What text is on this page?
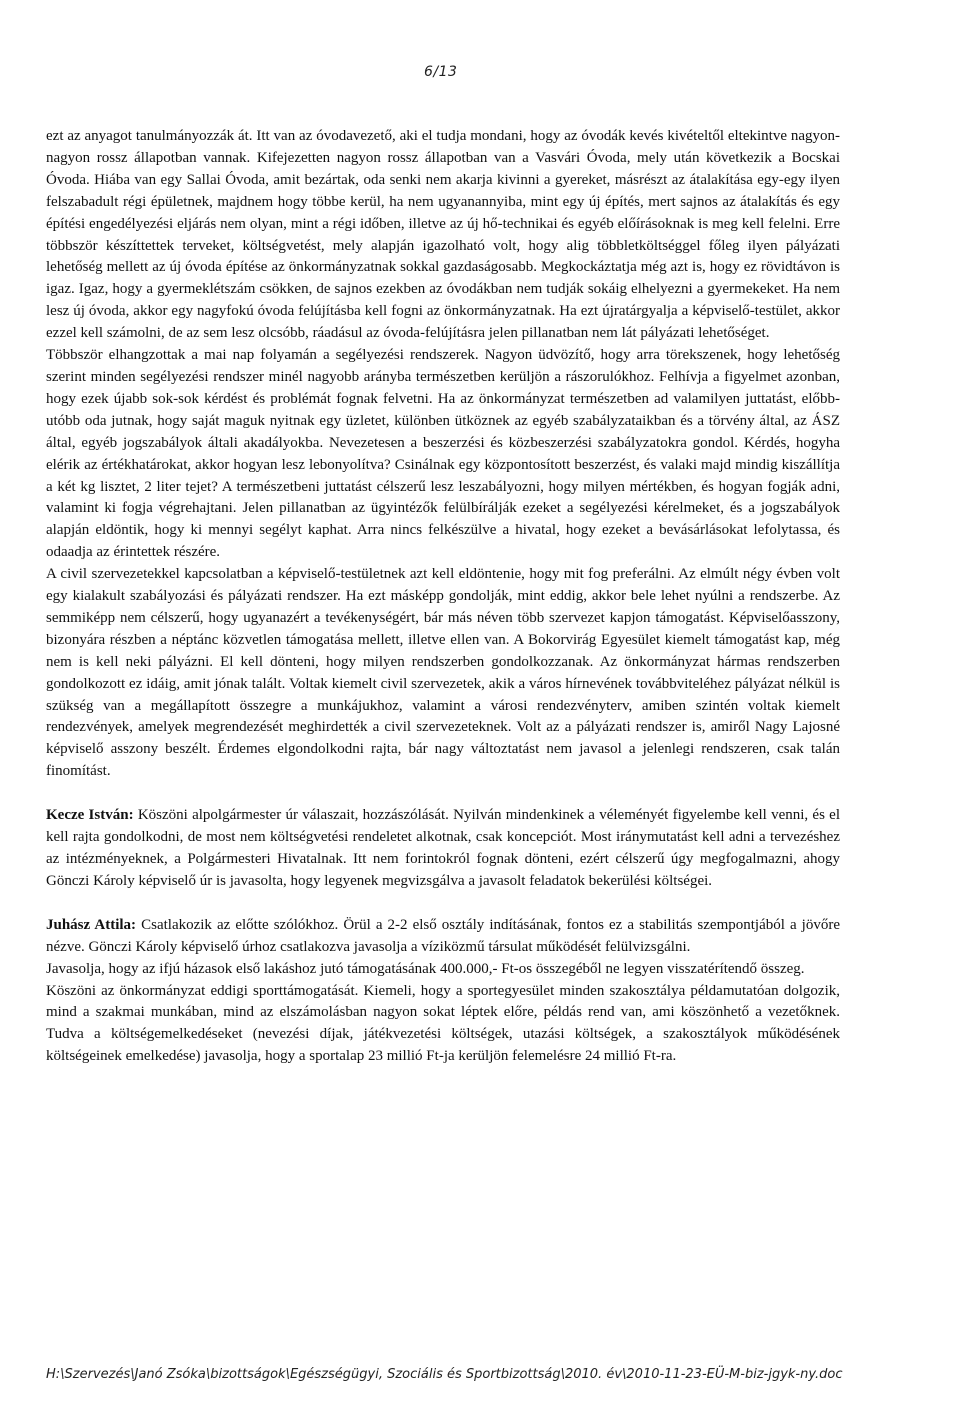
6/13

ezt az anyagot tanulmányozzák át. Itt van az óvodavezető, aki el tudja mondani, hogy az óvodák kevés kivételtől eltekintve nagyon-nagyon rossz állapotban vannak. Kifejezetten nagyon rossz állapotban van a Vasvári Óvoda, mely után következik a Bocskai Óvoda. Hiába van egy Sallai Óvoda, amit bezártak, oda senki nem akarja kivinni a gyereket, másrészt az átalakítása egy-egy ilyen felszabadult régi épületnek, majdnem hogy többe kerül, ha nem ugyanannyiba, mint egy új építés, mert sajnos az átalakítás és egy építési engedélyezési eljárás nem olyan, mint a régi időben, illetve az új hő-technikai és egyéb előírásoknak is meg kell felelni. Erre többször készíttettek terveket, költségvetést, mely alapján igazolható volt, hogy alig többletköltséggel főleg ilyen pályázati lehetőség mellett az új óvoda építése az önkormányzatnak sokkal gazdaságosabb. Megkockáztatja még azt is, hogy ez rövidtávon is igaz. Igaz, hogy a gyermeklétszám csökken, de sajnos ezekben az óvodákban nem tudják sokáig elhelyezni a gyermekeket. Ha nem lesz új óvoda, akkor egy nagyfokú óvoda felújításba kell fogni az önkormányzatnak. Ha ezt újratárgyalja a képviselő-testület, akkor ezzel kell számolni, de az sem lesz olcsóbb, ráadásul az óvoda-felújításra jelen pillanatban nem lát pályázati lehetőséget.

Többször elhangzottak a mai nap folyamán a segélyezési rendszerek. Nagyon üdvözítő, hogy arra törekszenek, hogy lehetőség szerint minden segélyezési rendszer minél nagyobb arányba természetben kerüljön a rászorulókhoz. Felhívja a figyelmet azonban, hogy ezek újabb sok-sok kérdést és problémát fognak felvetni. Ha az önkormányzat természetben ad valamilyen juttatást, előbb-utóbb oda jutnak, hogy saját maguk nyitnak egy üzletet, különben ütköznek az egyéb szabályzataikban és a törvény által, az ÁSZ által, egyéb jogszabályok általi akadályokba. Nevezetesen a beszerzési és közbeszerzési szabályzatokra gondol. Kérdés, hogyha elérik az értékhatárokat, akkor hogyan lesz lebonyolítva? Csinálnak egy központosított beszerzést, és valaki majd mindig kiszállítja a két kg lisztet, 2 liter tejet? A természetbeni juttatást célszerű lesz leszabályozni, hogy milyen mértékben, és hogyan fogják adni, valamint ki fogja végrehajtani. Jelen pillanatban az ügyintézők felülbírálják ezeket a segélyezési kérelmeket, és a jogszabályok alapján eldöntik, hogy ki mennyi segélyt kaphat. Arra nincs felkészülve a hivatal, hogy ezeket a bevásárlásokat lefolytassa, és odaadja az érintettek részére.

A civil szervezetekkel kapcsolatban a képviselő-testületnek azt kell eldöntenie, hogy mit fog preferálni. Az elmúlt négy évben volt egy kialakult szabályozási és pályázati rendszer. Ha ezt másképp gondolják, mint eddig, akkor bele lehet nyúlni a rendszerbe. Az semmiképp nem célszerű, hogy ugyanazért a tevékenységért, bár más néven több szervezet kapjon támogatást. Képviselőasszony, bizonyára részben a néptánc közvetlen támogatása mellett, illetve ellen van. A Bokorvirág Egyesület kiemelt támogatást kap, még nem is kell neki pályázni. El kell dönteni, hogy milyen rendszerben gondolkozzanak. Az önkormányzat hármas rendszerben gondolkozott ez idáig, amit jónak talált. Voltak kiemelt civil szervezetek, akik a város hírnevének továbbviteléhez pályázat nélkül is szükség van a megállapított összegre a munkájukhoz, valamint a városi rendezvényterv, amiben szintén voltak kiemelt rendezvények, amelyek megrendezését meghirdették a civil szervezeteknek. Volt az a pályázati rendszer is, amiről Nagy Lajosné képviselő asszony beszélt. Érdemes elgondolkodni rajta, bár nagy változtatást nem javasol a jelenlegi rendszeren, csak talán finomítást.

Kecze István: Köszöni alpolgármester úr válaszait, hozzászólását. Nyilván mindenkinek a véleményét figyelembe kell venni, és el kell rajta gondolkodni, de most nem költségvetési rendeletet alkotnak, csak koncepciót. Most iránymutatást kell adni a tervezéshez az intézményeknek, a Polgármesteri Hivatalnak. Itt nem forintokról fognak dönteni, ezért célszerű úgy megfogalmazni, ahogy Gönczi Károly képviselő úr is javasolta, hogy legyenek megvizsgálva a javasolt feladatok bekerülési költségei.

Juhász Attila: Csatlakozik az előtte szólókhoz. Örül a 2-2 első osztály indításának, fontos ez a stabilitás szempontjából a jövőre nézve. Gönczi Károly képviselő úrhoz csatlakozva javasolja a víziközmű társulat működését felülvizsgálni.

Javasolja, hogy az ifjú házasok első lakáshoz jutó támogatásának 400.000,- Ft-os összegéből ne legyen visszatérítendő összeg.

Köszöni az önkormányzat eddigi sporttámogatását. Kiemeli, hogy a sportegyesület minden szakosztálya példamutatóan dolgozik, mind a szakmai munkában, mind az elszámolásban nagyon sokat léptek előre, példás rend van, ami köszönhető a vezetőknek. Tudva a költségemelkedéseket (nevezési díjak, játékvezetési költségek, utazási költségek, a szakosztályok működésének költségeinek emelkedése) javasolja, hogy a sportalap 23 millió Ft-ja kerüljön felemelésre 24 millió Ft-ra.

H:\Szervezés\Janó Zsóka\bizottságok\Egészségügyi, Szociális és Sportbizottság\2010. év\2010-11-23-EÜ-M-biz-jgyk-ny.doc
